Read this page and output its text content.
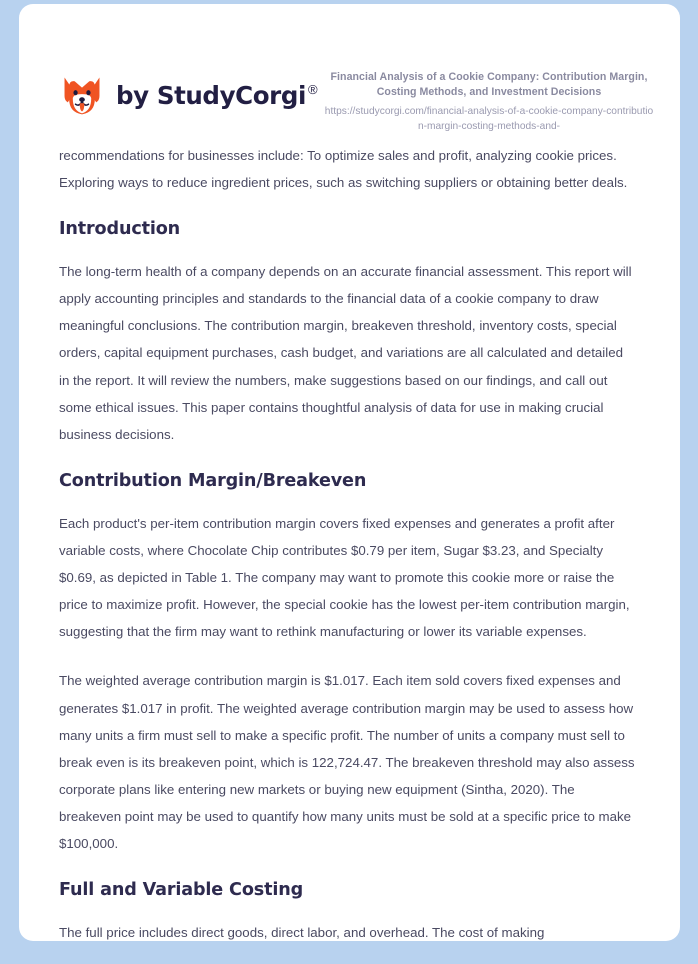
by StudyCorgi ®
Financial Analysis of a Cookie Company: Contribution Margin, Costing Methods, and Investment Decisions
https://studycorgi.com/financial-analysis-of-a-cookie-company-contribution-margin-costing-methods-and-

recommendations for businesses include: To optimize sales and profit, analyzing cookie prices. Exploring ways to reduce ingredient prices, such as switching suppliers or obtaining better deals.

Introduction

The long-term health of a company depends on an accurate financial assessment. This report will apply accounting principles and standards to the financial data of a cookie company to draw meaningful conclusions. The contribution margin, breakeven threshold, inventory costs, special orders, capital equipment purchases, cash budget, and variations are all calculated and detailed in the report. It will review the numbers, make suggestions based on our findings, and call out some ethical issues. This paper contains thoughtful analysis of data for use in making crucial business decisions.

Contribution Margin/Breakeven

Each product's per-item contribution margin covers fixed expenses and generates a profit after variable costs, where Chocolate Chip contributes $0.79 per item, Sugar $3.23, and Specialty $0.69, as depicted in Table 1. The company may want to promote this cookie more or raise the price to maximize profit. However, the special cookie has the lowest per-item contribution margin, suggesting that the firm may want to rethink manufacturing or lower its variable expenses.

The weighted average contribution margin is $1.017. Each item sold covers fixed expenses and generates $1.017 in profit. The weighted average contribution margin may be used to assess how many units a firm must sell to make a specific profit. The number of units a company must sell to break even is its breakeven point, which is 122,724.47. The breakeven threshold may also assess corporate plans like entering new markets or buying new equipment (Sintha, 2020). The breakeven point may be used to quantify how many units must be sold at a specific price to make $100,000.

Full and Variable Costing

The full price includes direct goods, direct labor, and overhead. The cost of making
